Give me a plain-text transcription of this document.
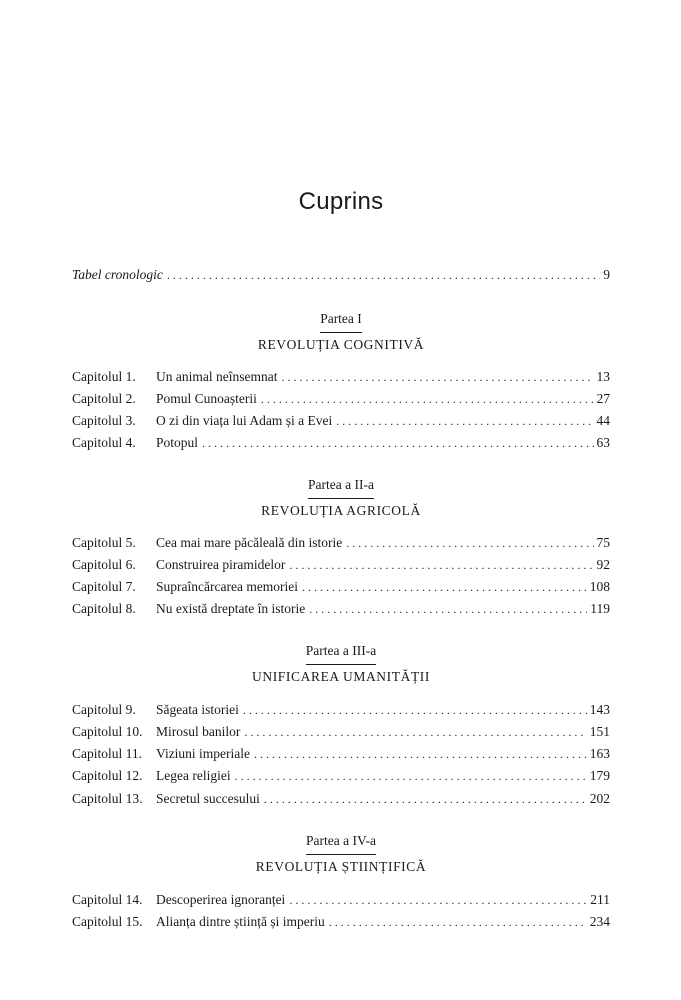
Cuprins
Tabel cronologic . . .	9
Partea I
REVOLUȚIA COGNITIVĂ
Capitolul 1.	Un animal neînsemnat . . .	13
Capitolul 2.	Pomul Cunoașterii . . .	27
Capitolul 3.	O zi din viața lui Adam și a Evei . . .	44
Capitolul 4.	Potopul . . .	63
Partea a II-a
REVOLUȚIA AGRICOLĂ
Capitolul 5.	Cea mai mare păcăleală din istorie . . .	75
Capitolul 6.	Construirea piramidelor . . .	92
Capitolul 7.	Supraîncărcarea memoriei . . .	108
Capitolul 8.	Nu există dreptate în istorie . . .	119
Partea a III-a
UNIFICAREA UMANITĂȚII
Capitolul 9.	Săgeata istoriei . . .	143
Capitolul 10.	Mirosul banilor . . .	151
Capitolul 11.	Viziuni imperiale . . .	163
Capitolul 12.	Legea religiei . . .	179
Capitolul 13.	Secretul succesului . . .	202
Partea a IV-a
REVOLUȚIA ȘTIINȚIFICĂ
Capitolul 14.	Descoperirea ignoranței . . .	211
Capitolul 15.	Alianța dintre știință și imperiu . . .	234
